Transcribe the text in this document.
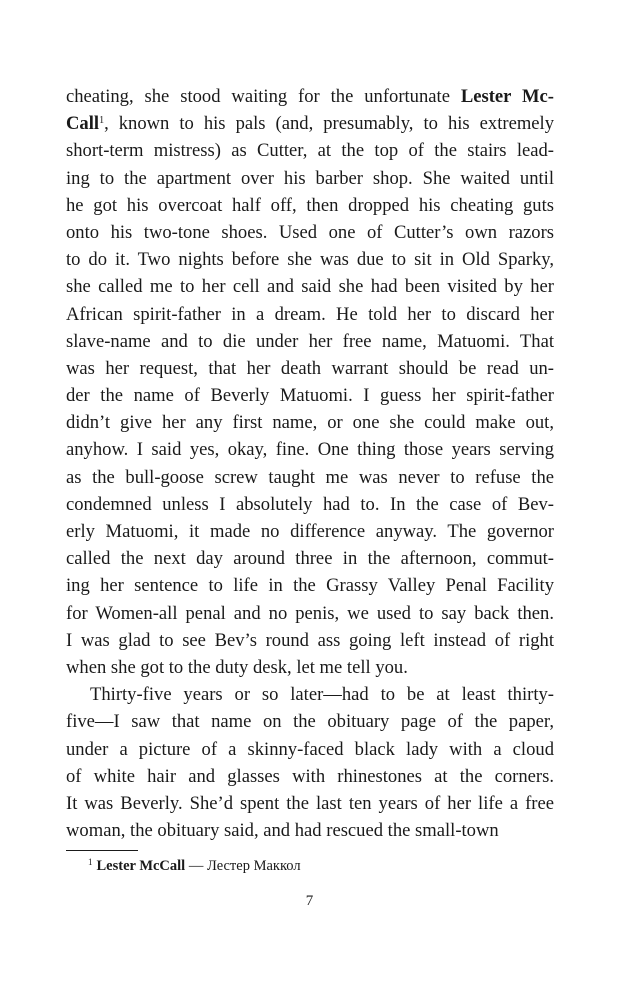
cheating, she stood waiting for the unfortunate Lester Mc-
Call$^1$, known to his pals (and, presumably, to his extremely
short-term mistress) as Cutter, at the top of the stairs lead-
ing to the apartment over his barber shop. She waited until
he got his overcoat half off, then dropped his cheating guts
onto his two-tone shoes. Used one of Cutter’s own razors
to do it. Two nights before she was due to sit in Old Sparky,
she called me to her cell and said she had been visited by her
African spirit-father in a dream. He told her to discard her
slave-name and to die under her free name, Matuomi. That
was her request, that her death warrant should be read un-
der the name of Beverly Matuomi. I guess her spirit-father
didn’t give her any first name, or one she could make out,
anyhow. I said yes, okay, fine. One thing those years serving
as the bull-goose screw taught me was never to refuse the
condemned unless I absolutely had to. In the case of Bev-
erly Matuomi, it made no difference anyway. The governor
called the next day around three in the afternoon, commut-
ing her sentence to life in the Grassy Valley Penal Facility
for Women-all penal and no penis, we used to say back then.
I was glad to see Bev’s round ass going left instead of right
when she got to the duty desk, let me tell you.
Thirty-five years or so later—had to be at least thirty-
five—I saw that name on the obituary page of the paper,
under a picture of a skinny-faced black lady with a cloud
of white hair and glasses with rhinestones at the corners.
It was Beverly. She’d spent the last ten years of her life a free
woman, the obituary said, and had rescued the small-town
$^1$ Lester McCall — Лестер Маккол
7
